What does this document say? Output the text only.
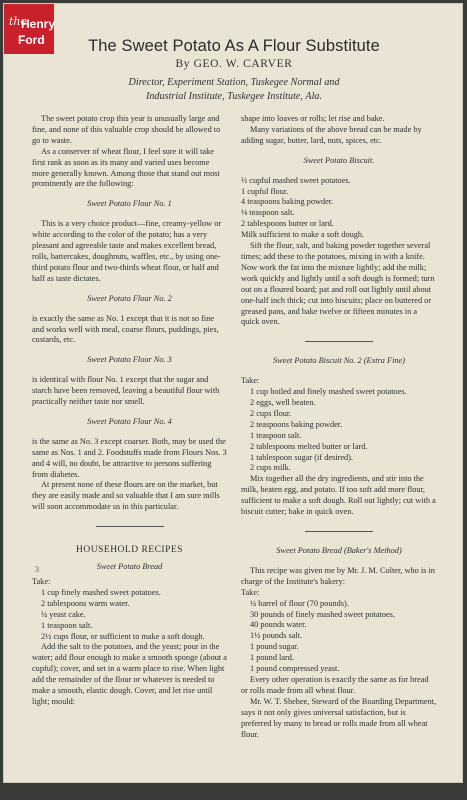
the
Henry
Ford	The Sweet Potato As A Flour Substitute
By GEO. W. CARVER
Director, Experiment Station, Tuskegee Normal and
Industrial Institute, Tuskegee Institute, Ala.

The sweet potato crop this year is unusually large and fine, and none of this valuable crop should be allowed to go to waste.

As a conserver of wheat flour, I feel sure it will take first rank as soon as its many and varied uses become more generally known. Among those that stand out most prominently are the following:

Sweet Potato Flour No. 1

This is a very choice product—fine, creamy-yellow or white according to the color of the potato; has a very pleasant and agreeable taste and makes excellent bread, rolls, battercakes, doughnuts, waffles, etc., by using one-third potato flour and two-thirds wheat flour, or half and half as taste dictates.

Sweet Potato Flour No. 2

is exactly the same as No. 1 except that it is not so fine and works well with meal, coarse flours, puddings, pies, custards, etc.

Sweet Potato Flour No. 3

is identical with flour No. 1 except that the sugar and starch have been removed, leaving a beautiful flour with practically neither taste nor smell.

Sweet Potato Flour No. 4

is the same as No. 3 except coarser. Both, may be used the same as Nos. 1 and 2. Foodstuffs made from Flours Nos. 3 and 4 will, no doubt, be attractive to persons suffering from diabetes.

At present none of these flours are on the market, but they are easily made and so valuable that I am sure mills will soon accommodate us in this particular.

HOUSEHOLD RECIPES

Sweet Potato Bread

Take:

1 cup finely mashed sweet potatoes.

2 tablespoons warm water.

¼ yeast cake.

1 teaspoon salt.

2½ cups flour, or sufficient to make a soft dough.

Add the salt to the potatoes, and the yeast; pour in the water; add flour enough to make a smooth sponge (about a cupful); cover, and set in a warm place to rise. When light add the remainder of the flour or whatever is needed to make a smooth, elastic dough. Cover, and let rise until light; mould:

3

shape into loaves or rolls; let rise and bake.

Many variations of the above bread can be made by adding sugar, butter, lard, nuts, spices, etc.

Sweet Potato Biscuit.

½ cupful mashed sweet potatoes.

1 cupful flour.

4 teaspoons baking powder.

⅛ teaspoon salt.

2 tablespoons butter or lard.

Milk sufficient to make a soft dough.

Sift the flour, salt, and baking powder together several times; add these to the potatoes, mixing in with a knife. Now work the fat into the mixture lightly; add the milk; work quickly and lightly until a soft dough is formed; turn out on a floured board; pat and roll out lightly until about one-half inch thick; cut into biscuits; place on buttered or greased pans, and bake twelve or fifteen minutes in a quick oven.

Sweet Potato Biscuit No. 2 (Extra Fine)

Take:

1 cup boiled and finely mashed sweet potatoes.

2 eggs, well beaten.

2 cups flour.

2 teaspoons baking powder.

1 teaspoon salt.

2 tablespoons melted butter or lard.

1 tablespoon sugar (if desired).

2 cups milk.

Mix together all the dry ingredients, and stir into the milk, beaten egg, and potato. If too soft add more flour, sufficient to make a soft dough. Roll out lightly; cut with a biscuit cutter; bake in quick oven.

Sweet Potato Bread (Baker's Method)

This recipe was given me by Mr. J. M. Colter, who is in charge of the Institute's bakery:

Take:

¼ barrel of flour (70 pounds).

30 pounds of finely mashed sweet potatoes.

40 pounds water.

1½ pounds salt.

1 pound sugar.

1 pound lard.

1 pound compressed yeast.

Every other operation is exactly the same as for bread or rolls made from all wheat flour.

Mr. W. T. Shehee, Steward of the Boarding Department, says it not only gives universal satisfaction, but is preferred by many to bread or rolls made from all wheat flour.
